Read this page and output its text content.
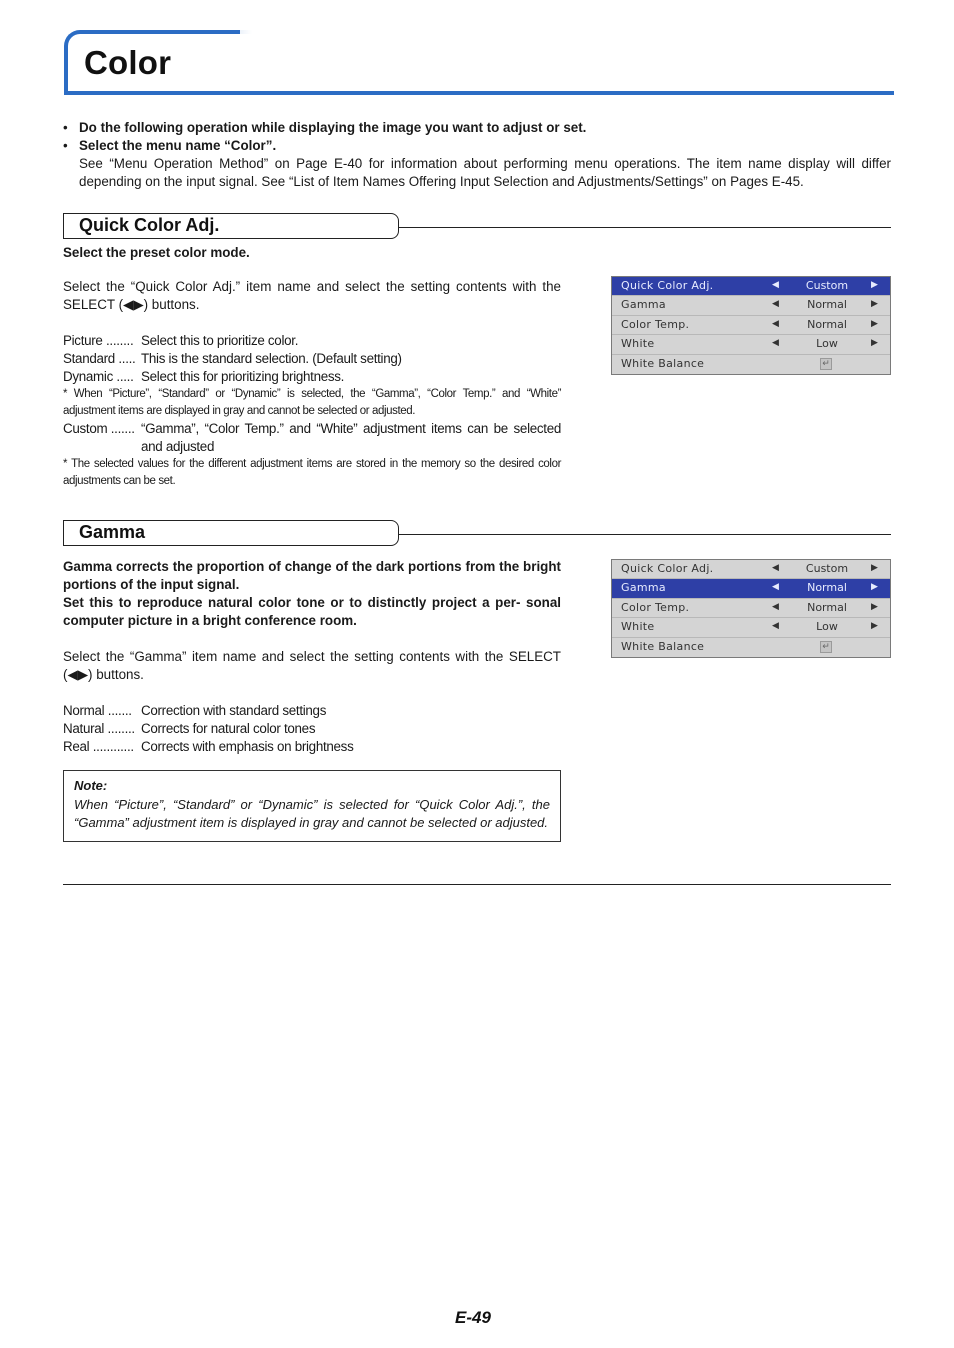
Color
• Do the following operation while displaying the image you want to adjust or set.
• Select the menu name “Color”.

See “Menu Operation Method” on Page E-40 for information about performing menu operations. The item name display will differ depending on the input signal. See “List of Item Names Offering Input Selection and Adjustments/Settings” on Pages E-45.

Quick Color Adj.

Select the preset color mode.

Select the “Quick Color Adj.” item name and select the setting contents with the SELECT (◀▶) buttons.
Picture ........ Select this to prioritize color.
Standard ..... This is the standard selection. (Default setting)
Dynamic ..... Select this for prioritizing brightness.

* When “Picture”, “Standard” or “Dynamic” is selected, the “Gamma”, “Color Temp.” and “White” adjustment items are displayed in gray and cannot be selected or adjusted.

Custom ....... “Gamma”, “Color Temp.” and “White” adjustment items can be selected and adjusted

* The selected values for the different adjustment items are stored in the memory so the desired color adjustments can be set.

Quick Color Adj.	◀	Custom	▶
Gamma	◀	Normal	▶
Color Temp.	◀	Normal	▶
White	◀	Low	▶
White Balance	↵
Gamma

Gamma corrects the proportion of change of the dark portions from the bright portions of the input signal.

Set this to reproduce natural color tone or to distinctly project a per- sonal computer picture in a bright conference room.

Select the “Gamma” item name and select the setting contents with the SELECT (◀▶) buttons.
Normal ....... Correction with standard settings
Natural ........ Corrects for natural color tones
Real ............ Corrects with emphasis on brightness

Note:

When “Picture”, “Standard” or “Dynamic” is selected for “Quick Color Adj.”, the “Gamma” adjustment item is displayed in gray and cannot be selected or adjusted.

Quick Color Adj.	◀	Custom	▶
Gamma	◀	Normal	▶
Color Temp.	◀	Normal	▶
White	◀	Low	▶
White Balance	↵
E-49
